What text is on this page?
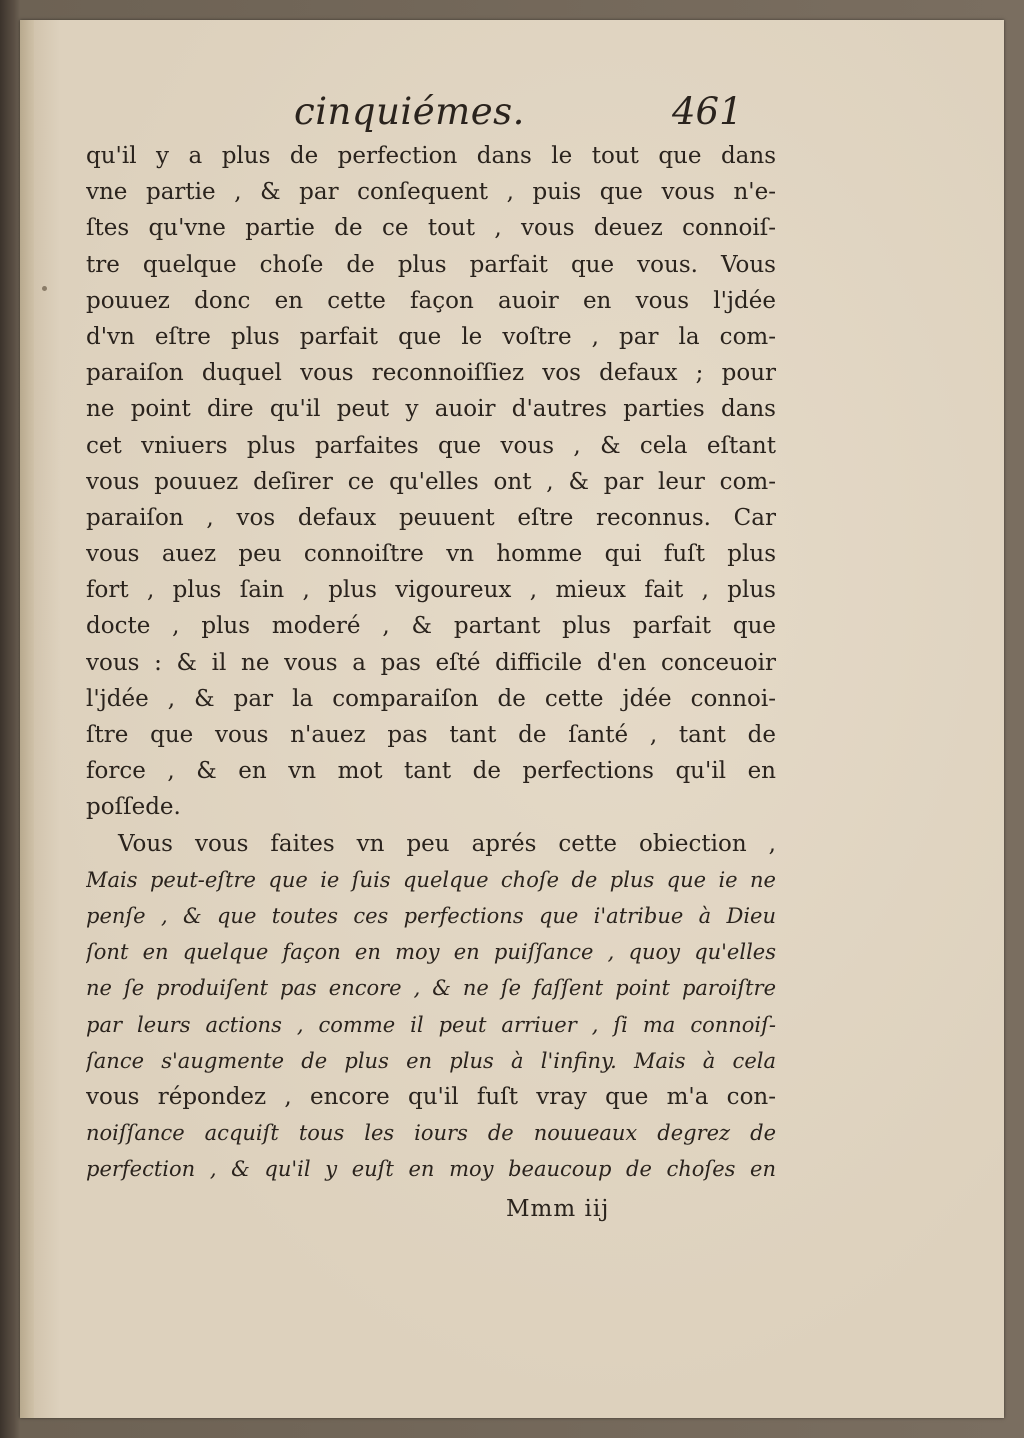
cinquiémes.	461
qu'il y a plus de perfection dans le tout que dans
vne partie , & par conſequent , puis que vous n'e-
ſtes qu'vne partie de ce tout , vous deuez connoiſ-
tre quelque choſe de plus parfait que vous. Vous
pouuez donc en cette façon auoir en vous l'jdée
d'vn eſtre plus parfait que le voſtre , par la com-
paraiſon duquel vous reconnoiſſiez vos defaux ; pour
ne point dire qu'il peut y auoir d'autres parties dans
cet vniuers plus parfaites que vous , & cela eſtant
vous pouuez deſirer ce qu'elles ont , & par leur com-
paraiſon , vos defaux peuuent eſtre reconnus. Car
vous auez peu connoiſtre vn homme qui fuſt plus
fort , plus ſain , plus vigoureux , mieux fait , plus
docte , plus moderé , & partant plus parfait que
vous : & il ne vous a pas eſté difficile d'en conceuoir
l'jdée , & par la comparaiſon de cette jdée connoi-
ſtre que vous n'auez pas tant de ſanté , tant de
force , & en vn mot tant de perfections qu'il en
poſſede.
Vous vous faites vn peu aprés cette obiection ,
Mais peut-eſtre que ie ſuis quelque choſe de plus que ie ne
penſe , & que toutes ces perfections que i'atribue à Dieu
ſont en quelque façon en moy en puiſſance , quoy qu'elles
ne ſe produiſent pas encore , & ne ſe faſſent point paroiſtre
par leurs actions , comme il peut arriuer , ſi ma connoiſ-
ſance s'augmente de plus en plus à l'infiny. Mais à cela
vous répondez , encore qu'il fuſt vray que m'a con-
noiſſance acquiſt tous les iours de nouueaux degrez de
perfection , & qu'il y euſt en moy beaucoup de choſes en
Mmm iij
